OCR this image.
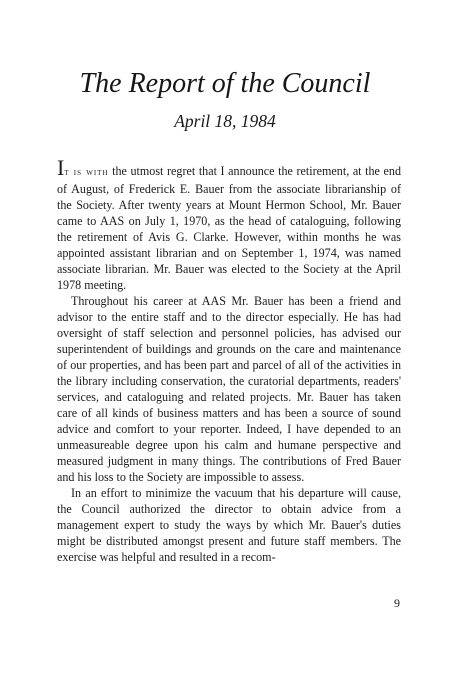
The Report of the Council
April 18, 1984

It is with the utmost regret that I announce the retirement, at the end of August, of Frederick E. Bauer from the associate librarianship of the Society. After twenty years at Mount Hermon School, Mr. Bauer came to AAS on July 1, 1970, as the head of cataloguing, following the retirement of Avis G. Clarke. However, within months he was appointed assistant librarian and on September 1, 1974, was named associate librarian. Mr. Bauer was elected to the Society at the April 1978 meeting.

Throughout his career at AAS Mr. Bauer has been a friend and advisor to the entire staff and to the director especially. He has had oversight of staff selection and personnel policies, has advised our superintendent of buildings and grounds on the care and maintenance of our properties, and has been part and parcel of all of the activities in the library including conservation, the curatorial departments, readers' services, and cataloguing and related projects. Mr. Bauer has taken care of all kinds of business matters and has been a source of sound advice and comfort to your reporter. Indeed, I have depended to an unmeasureable degree upon his calm and humane perspective and measured judgment in many things. The contributions of Fred Bauer and his loss to the Society are impossible to assess.

In an effort to minimize the vacuum that his departure will cause, the Council authorized the director to obtain advice from a management expert to study the ways by which Mr. Bauer's duties might be distributed amongst present and future staff members. The exercise was helpful and resulted in a recom-

9
